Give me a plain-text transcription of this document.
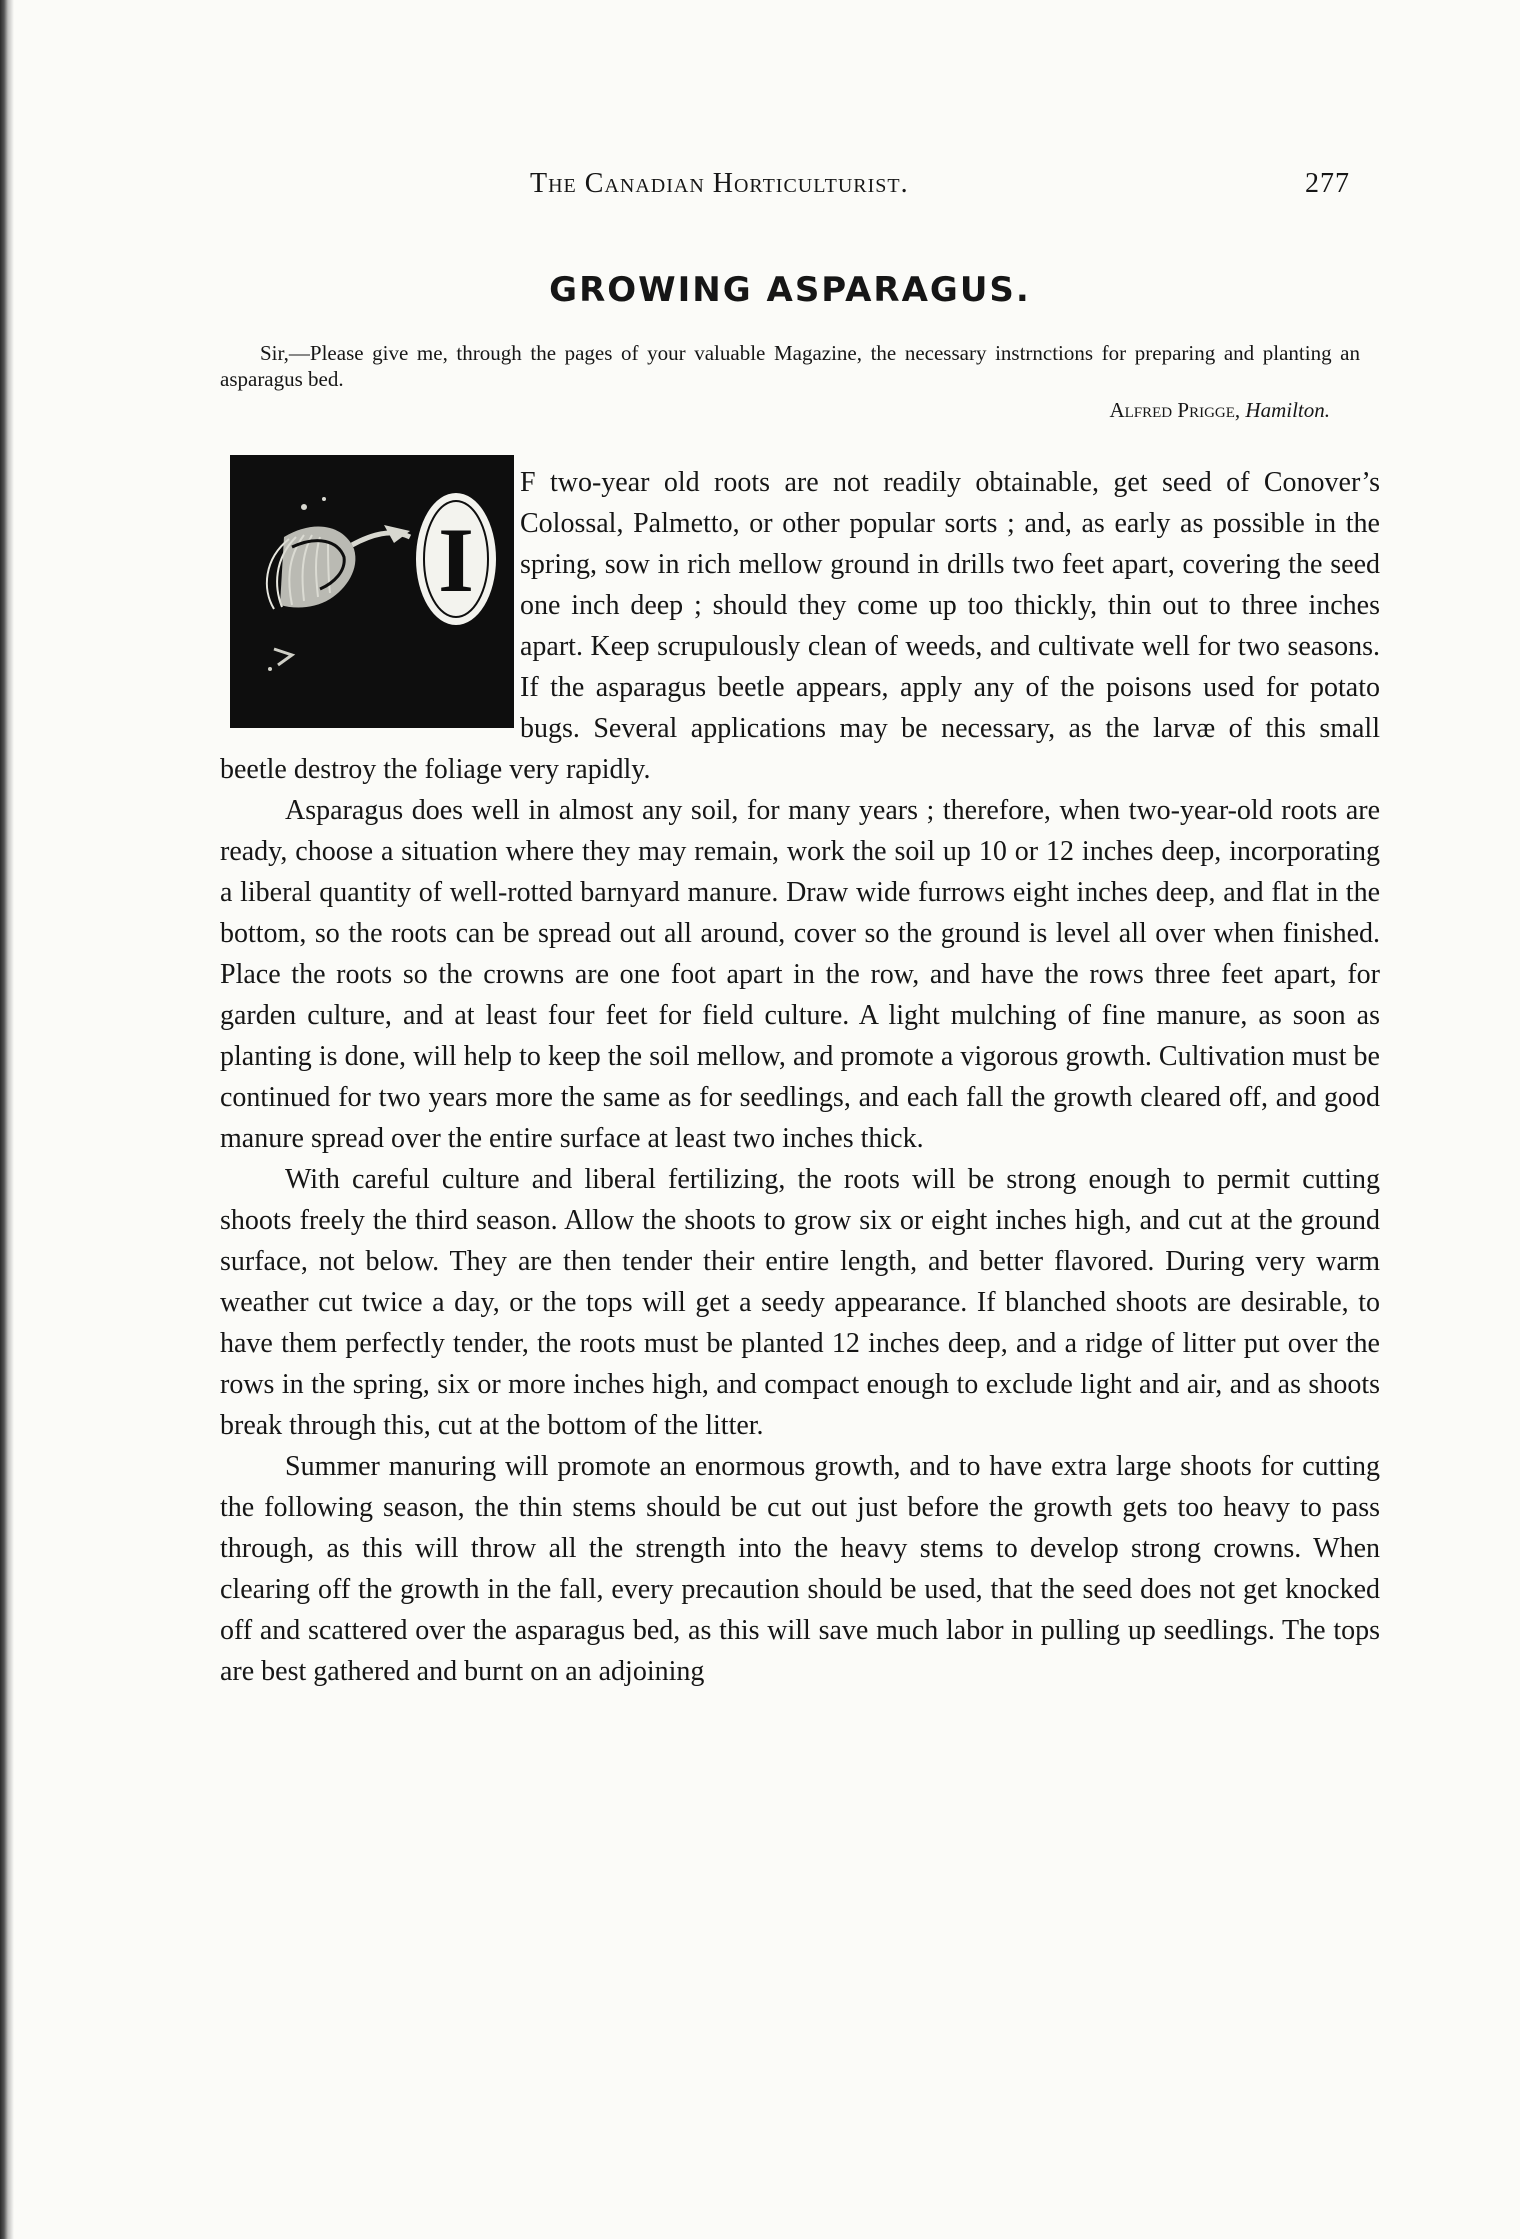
The Canadian Horticulturist.	277
GROWING ASPARAGUS.
Sir,—Please give me, through the pages of your valuable Magazine, the necessary instrnctions for preparing and planting an asparagus bed.
Alfred Prigge, Hamilton.
I

F two-year old roots are not readily obtainable, get seed of Conover’s Colossal, Palmetto, or other popular sorts ; and, as early as possible in the spring, sow in rich mellow ground in drills two feet apart, covering the seed one inch deep ; should they come up too thickly, thin out to three inches apart. Keep scrupulously clean of weeds, and cultivate well for two seasons. If the asparagus beetle appears, apply any of the poisons used for potato bugs. Several applications may be necessary, as the larvæ of this small beetle destroy the foliage very rapidly.

Asparagus does well in almost any soil, for many years ; therefore, when two-year-old roots are ready, choose a situation where they may remain, work the soil up 10 or 12 inches deep, incorporating a liberal quantity of well-rotted barnyard manure. Draw wide furrows eight inches deep, and flat in the bottom, so the roots can be spread out all around, cover so the ground is level all over when finished. Place the roots so the crowns are one foot apart in the row, and have the rows three feet apart, for garden culture, and at least four feet for field culture. A light mulching of fine manure, as soon as planting is done, will help to keep the soil mellow, and promote a vigorous growth. Cultivation must be continued for two years more the same as for seedlings, and each fall the growth cleared off, and good manure spread over the entire surface at least two inches thick.

With careful culture and liberal fertilizing, the roots will be strong enough to permit cutting shoots freely the third season. Allow the shoots to grow six or eight inches high, and cut at the ground surface, not below. They are then tender their entire length, and better flavored. During very warm weather cut twice a day, or the tops will get a seedy appearance. If blanched shoots are desirable, to have them perfectly tender, the roots must be planted 12 inches deep, and a ridge of litter put over the rows in the spring, six or more inches high, and compact enough to exclude light and air, and as shoots break through this, cut at the bottom of the litter.

Summer manuring will promote an enormous growth, and to have extra large shoots for cutting the following season, the thin stems should be cut out just before the growth gets too heavy to pass through, as this will throw all the strength into the heavy stems to develop strong crowns. When clearing off the growth in the fall, every precaution should be used, that the seed does not get knocked off and scattered over the asparagus bed, as this will save much labor in pulling up seedlings. The tops are best gathered and burnt on an adjoining
